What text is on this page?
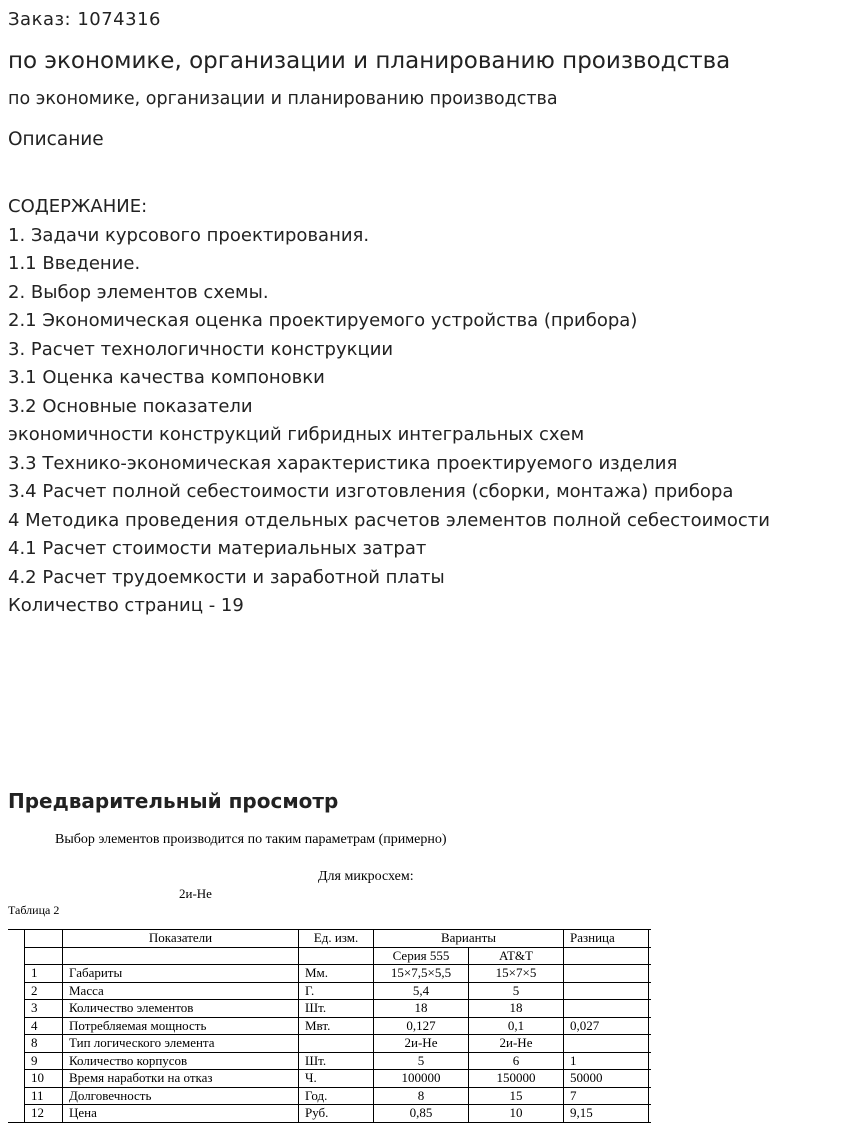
Заказ: 1074316
по экономике, организации и планированию производства
по экономике, организации и планированию производства
Описание
СОДЕРЖАНИЕ:
1. Задачи курсового проектирования.
1.1 Введение.
2. Выбор элементов схемы.
2.1 Экономическая оценка проектируемого устройства (прибора)
3. Расчет технологичности конструкции
3.1 Оценка качества компоновки
3.2 Основные показатели
экономичности конструкций гибридных интегральных схем
3.3 Технико-экономическая характеристика проектируемого изделия
3.4 Расчет полной себестоимости изготовления (сборки, монтажа) прибора
4 Методика проведения отдельных расчетов элементов полной себестоимости
4.1 Расчет стоимости материальных затрат
4.2 Расчет трудоемкости и заработной платы
Количество страниц - 19
Предварительный просмотр
Выбор элементов производится по таким параметрам (примерно)
Для микросхем:
2и-Не
Таблица 2
		Показатели	Ед. изм.	Варианты		Разница	
				Серия 555	AT&T		
	1	Габариты	Мм.	15×7,5×5,5	15×7×5		
	2	Масса	Г.	5,4	5		
	3	Количество элементов	Шт.	18	18		
	4	Потребляемая мощность	Мвт.	0,127	0,1	0,027	
	8	Тип логического элемента		2и-Не	2и-Не		
	9	Количество корпусов	Шт.	5	6	1	
	10	Время наработки на отказ	Ч.	100000	150000	50000	
	11	Долговечность	Год.	8	15	7	
	12	Цена	Руб.	0,85	10	9,15	
